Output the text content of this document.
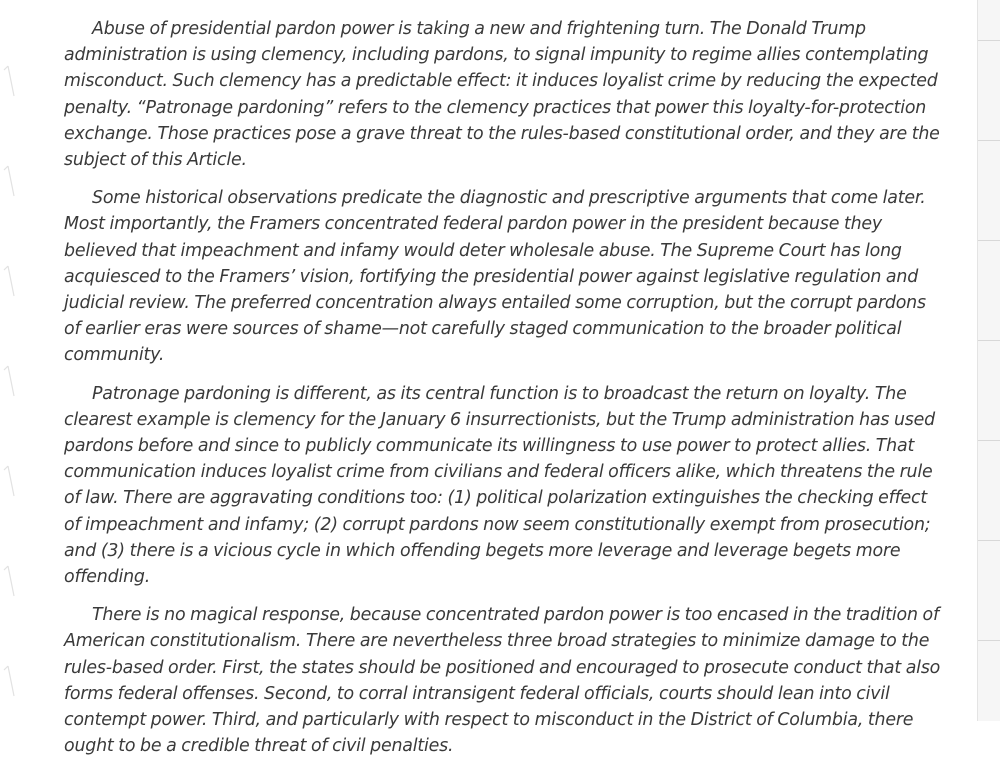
Abuse of presidential pardon power is taking a new and frightening turn. The Donald Trump administration is using clemency, including pardons, to signal impunity to regime allies contemplating misconduct. Such clemency has a predictable effect: it induces loyalist crime by reducing the expected penalty. “Patronage pardoning” refers to the clemency practices that power this loyalty-for-protection exchange. Those practices pose a grave threat to the rules-based constitutional order, and they are the subject of this Article.

Some historical observations predicate the diagnostic and prescriptive arguments that come later. Most importantly, the Framers concentrated federal pardon power in the president because they believed that impeachment and infamy would deter wholesale abuse. The Supreme Court has long acquiesced to the Framers’ vision, fortifying the presidential power against legislative regulation and judicial review. The preferred concentration always entailed some corruption, but the corrupt pardons of earlier eras were sources of shame—not carefully staged communication to the broader political community.

Patronage pardoning is different, as its central function is to broadcast the return on loyalty. The clearest example is clemency for the January 6 insurrectionists, but the Trump administration has used pardons before and since to publicly communicate its willingness to use power to protect allies. That communication induces loyalist crime from civilians and federal officers alike, which threatens the rule of law. There are aggravating conditions too: (1) political polarization extinguishes the checking effect of impeachment and infamy; (2) corrupt pardons now seem constitutionally exempt from prosecution; and (3) there is a vicious cycle in which offending begets more leverage and leverage begets more offending.

There is no magical response, because concentrated pardon power is too encased in the tradition of American constitutionalism. There are nevertheless three broad strategies to minimize damage to the rules-based order. First, the states should be positioned and encouraged to prosecute conduct that also forms federal offenses. Second, to corral intransigent federal officials, courts should lean into civil contempt power. Third, and particularly with respect to misconduct in the District of Columbia, there ought to be a credible threat of civil penalties.
